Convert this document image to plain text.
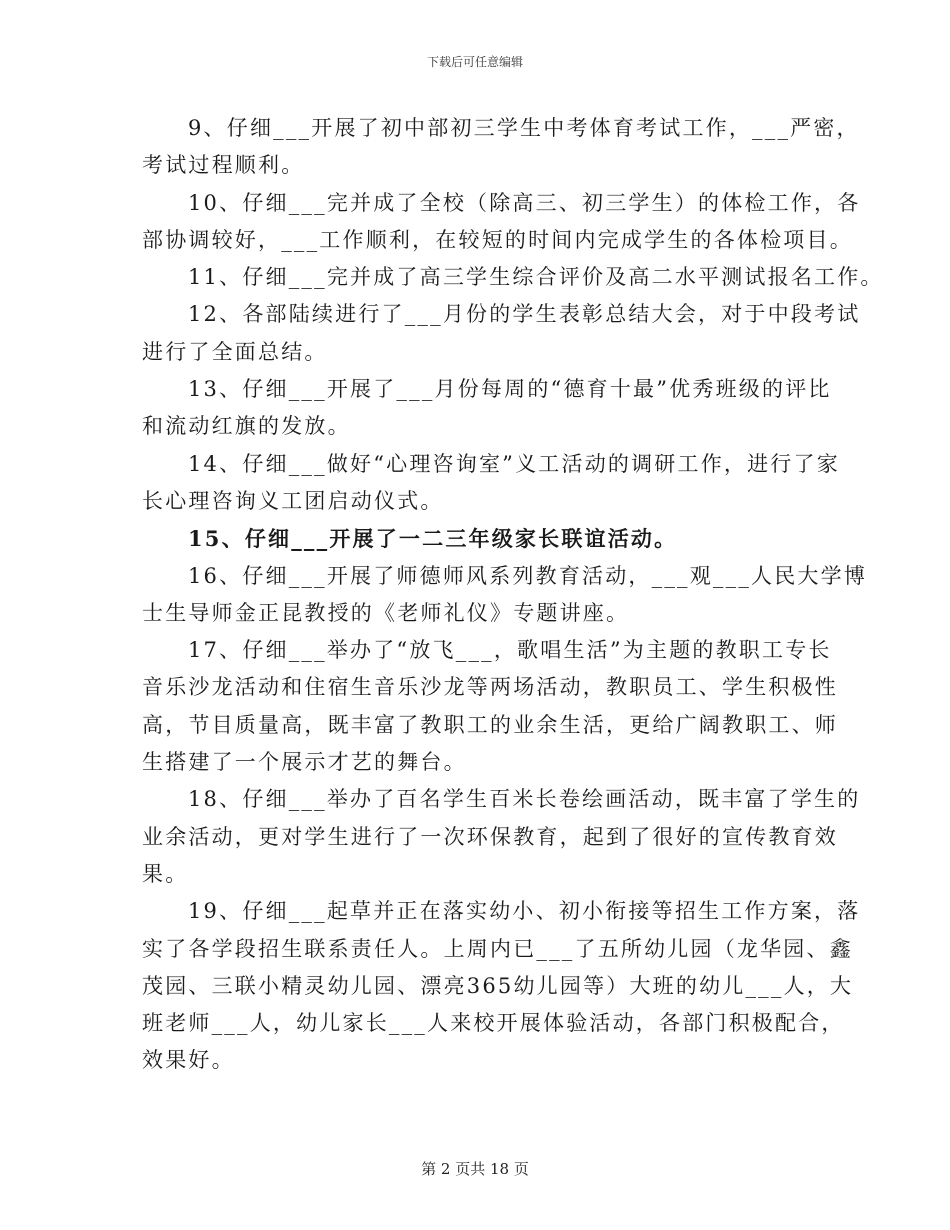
下载后可任意编辑
9、仔细___开展了初中部初三学生中考体育考试工作，___严密，
考试过程顺利。
10、仔细___完并成了全校（除高三、初三学生）的体检工作，各
部协调较好，___工作顺利，在较短的时间内完成学生的各体检项目。
11、仔细___完并成了高三学生综合评价及高二水平测试报名工作。
12、各部陆续进行了___月份的学生表彰总结大会，对于中段考试
进行了全面总结。
13、仔细___开展了___月份每周的“德育十最”优秀班级的评比
和流动红旗的发放。
14、仔细___做好“心理咨询室”义工活动的调研工作，进行了家
长心理咨询义工团启动仪式。
15、仔细___开展了一二三年级家长联谊活动。
16、仔细___开展了师德师风系列教育活动，___观___人民大学博
士生导师金正昆教授的《老师礼仪》专题讲座。
17、仔细___举办了“放飞___，歌唱生活”为主题的教职工专长
音乐沙龙活动和住宿生音乐沙龙等两场活动，教职员工、学生积极性
高，节目质量高，既丰富了教职工的业余生活，更给广阔教职工、师
生搭建了一个展示才艺的舞台。
18、仔细___举办了百名学生百米长卷绘画活动，既丰富了学生的
业余活动，更对学生进行了一次环保教育，起到了很好的宣传教育效
果。
19、仔细___起草并正在落实幼小、初小衔接等招生工作方案，落
实了各学段招生联系责任人。上周内已___了五所幼儿园（龙华园、鑫
茂园、三联小精灵幼儿园、漂亮365幼儿园等）大班的幼儿___人，大
班老师___人，幼儿家长___人来校开展体验活动，各部门积极配合，
效果好。
第 2 页共 18 页
